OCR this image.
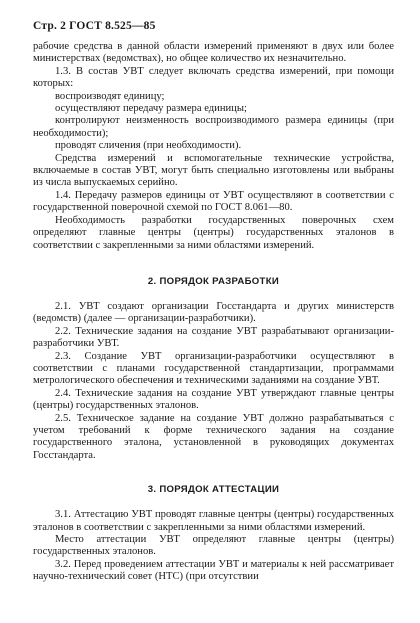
Стр. 2 ГОСТ 8.525—85

рабочие средства в данной области измерений применяют в двух или более министерствах (ведомствах), но общее количество их незначительно.

1.3. В состав УВТ следует включать средства измерений, при помощи которых:

воспроизводят единицу;

осуществляют передачу размера единицы;

контролируют неизменность воспроизводимого размера единицы (при необходимости);

проводят сличения (при необходимости).

Средства измерений и вспомогательные технические устройства, включаемые в состав УВТ, могут быть специально изготовлены или выбраны из числа выпускаемых серийно.

1.4. Передачу размеров единицы от УВТ осуществляют в соответствии с государственной поверочной схемой по ГОСТ 8.061—80.

Необходимость разработки государственных поверочных схем определяют главные центры (центры) государственных эталонов в соответствии с закрепленными за ними областями измерений.

2. ПОРЯДОК РАЗРАБОТКИ

2.1. УВТ создают организации Госстандарта и других министерств (ведомств) (далее — организации-разработчики).

2.2. Технические задания на создание УВТ разрабатывают организации-разработчики УВТ.

2.3. Создание УВТ организации-разработчики осуществляют в соответствии с планами государственной стандартизации, программами метрологического обеспечения и техническими заданиями на создание УВТ.

2.4. Технические задания на создание УВТ утверждают главные центры (центры) государственных эталонов.

2.5. Техническое задание на создание УВТ должно разрабатываться с учетом требований к форме технического задания на создание государственного эталона, установленной в руководящих документах Госстандарта.

3. ПОРЯДОК АТТЕСТАЦИИ

3.1. Аттестацию УВТ проводят главные центры (центры) государственных эталонов в соответствии с закрепленными за ними областями измерений.

Место аттестации УВТ определяют главные центры (центры) государственных эталонов.

3.2. Перед проведением аттестации УВТ и материалы к ней рассматривает научно-технический совет (НТС) (при отсутствии
